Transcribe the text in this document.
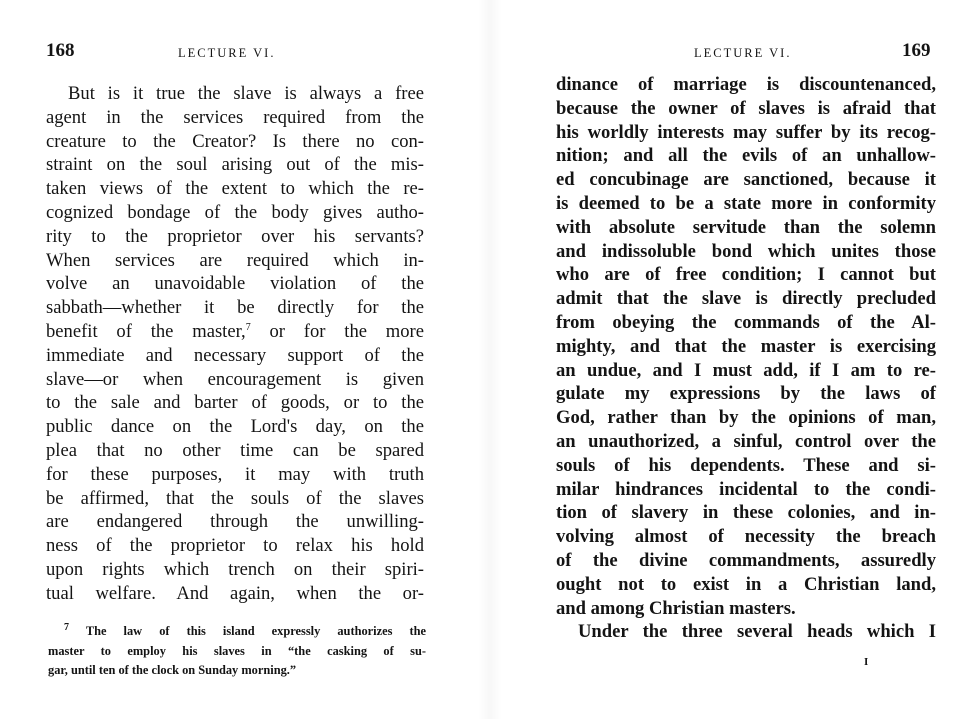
168	LECTURE VI.
But is it true the slave is always a free
agent in the services required from the
creature to the Creator? Is there no con-
straint on the soul arising out of the mis-
taken views of the extent to which the re-
cognized bondage of the body gives autho-
rity to the proprietor over his servants?
When services are required which in-
volve an unavoidable violation of the
sabbath—whether it be directly for the
benefit of the master,$^7$ or for the more
immediate and necessary support of the
slave—or when encouragement is given
to the sale and barter of goods, or to the
public dance on the Lord's day, on the
plea that no other time can be spared
for these purposes, it may with truth
be affirmed, that the souls of the slaves
are endangered through the unwilling-
ness of the proprietor to relax his hold
upon rights which trench on their spiri-
tual welfare. And again, when the or-
$^7$ The law of this island expressly authorizes the
master to employ his slaves in “the casking of su-
gar, until ten of the clock on Sunday morning.”
LECTURE VI.	169
dinance of marriage is discountenanced,
because the owner of slaves is afraid that
his worldly interests may suffer by its recog-
nition; and all the evils of an unhallow-
ed concubinage are sanctioned, because it
is deemed to be a state more in conformity
with absolute servitude than the solemn
and indissoluble bond which unites those
who are of free condition; I cannot but
admit that the slave is directly precluded
from obeying the commands of the Al-
mighty, and that the master is exercising
an undue, and I must add, if I am to re-
gulate my expressions by the laws of
God, rather than by the opinions of man,
an unauthorized, a sinful, control over the
souls of his dependents. These and si-
milar hindrances incidental to the condi-
tion of slavery in these colonies, and in-
volving almost of necessity the breach
of the divine commandments, assuredly
ought not to exist in a Christian land,
and among Christian masters.
Under the three several heads which I
I
